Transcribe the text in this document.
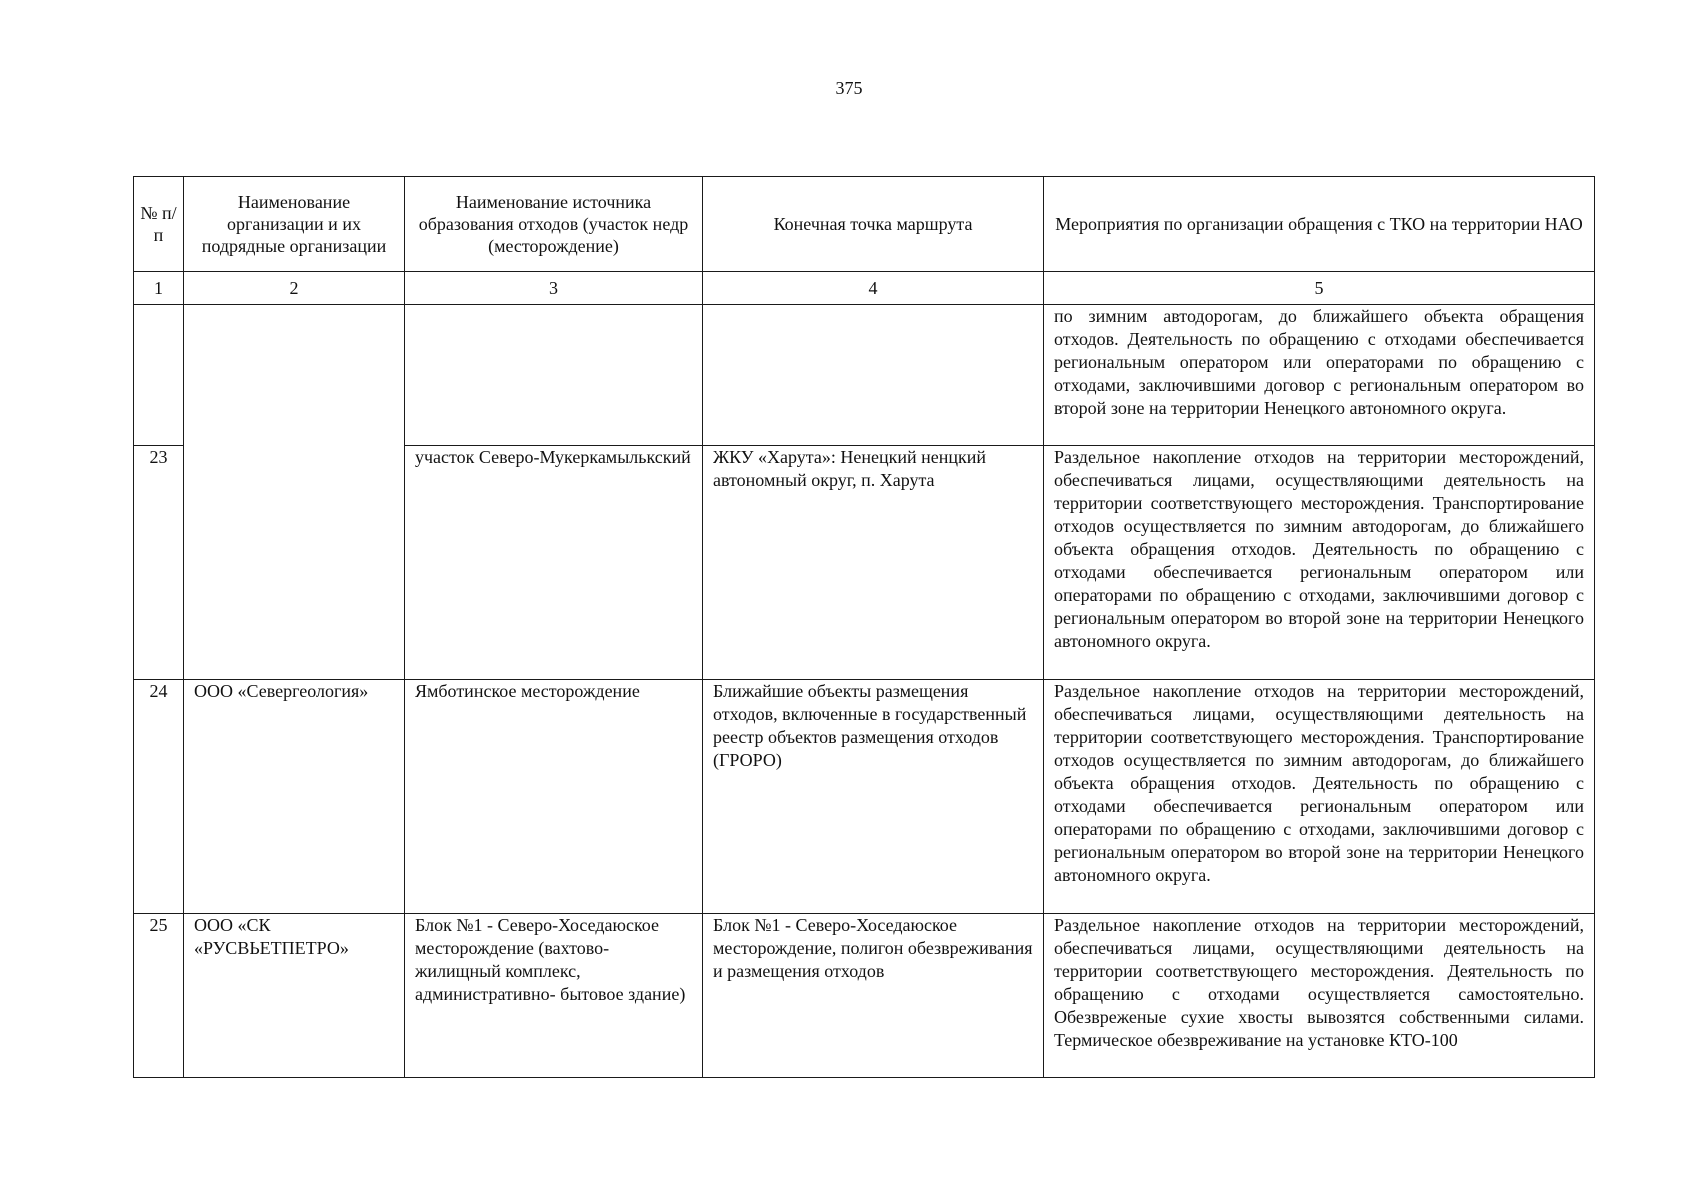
375
№ п/п	Наименование организации и их подрядные организации	Наименование источника образования отходов (участок недр (месторождение)	Конечная точка маршрута	Мероприятия по организации обращения с ТКО на территории НАО
1	2	3	4	5
				по зимним автодорогам, до ближайшего объекта обращения отходов. Деятельность по обращению с отходами обеспечивается региональным оператором или операторами по обращению с отходами, заключившими договор с региональным оператором во второй зоне на территории Ненецкого автономного округа.
23		участок Северо-Мукеркамылькский	ЖКУ «Харута»: Ненецкий ненцкий автономный округ, п. Харута	Раздельное накопление отходов на территории месторождений, обеспечиваться лицами, осуществляющими деятельность на территории соответствующего месторождения. Транспортирование отходов осуществляется по зимним автодорогам, до ближайшего объекта обращения отходов. Деятельность по обращению с отходами обеспечивается региональным оператором или операторами по обращению с отходами, заключившими договор с региональным оператором во второй зоне на территории Ненецкого автономного округа.
24	ООО «Севергеология»	Ямботинское месторождение	Ближайшие объекты размещения отходов, включенные в государственный реестр объектов размещения отходов (ГРОРО)	Раздельное накопление отходов на территории месторождений, обеспечиваться лицами, осуществляющими деятельность на территории соответствующего месторождения. Транспортирование отходов осуществляется по зимним автодорогам, до ближайшего объекта обращения отходов. Деятельность по обращению с отходами обеспечивается региональным оператором или операторами по обращению с отходами, заключившими договор с региональным оператором во второй зоне на территории Ненецкого автономного округа.
25	ООО «СК «РУСВЬЕТПЕТРО»	Блок №1 - Северо-Хоседаюское месторождение (вахтово-жилищный комплекс, административно- бытовое здание)	Блок №1 - Северо-Хоседаюское месторождение, полигон обезвреживания и размещения отходов	Раздельное накопление отходов на территории месторождений, обеспечиваться лицами, осуществляющими деятельность на территории соответствующего месторождения. Деятельность по обращению с отходами осуществляется самостоятельно. Обезвреженые сухие хвосты вывозятся собственными силами. Термическое обезвреживание на установке КТО-100
